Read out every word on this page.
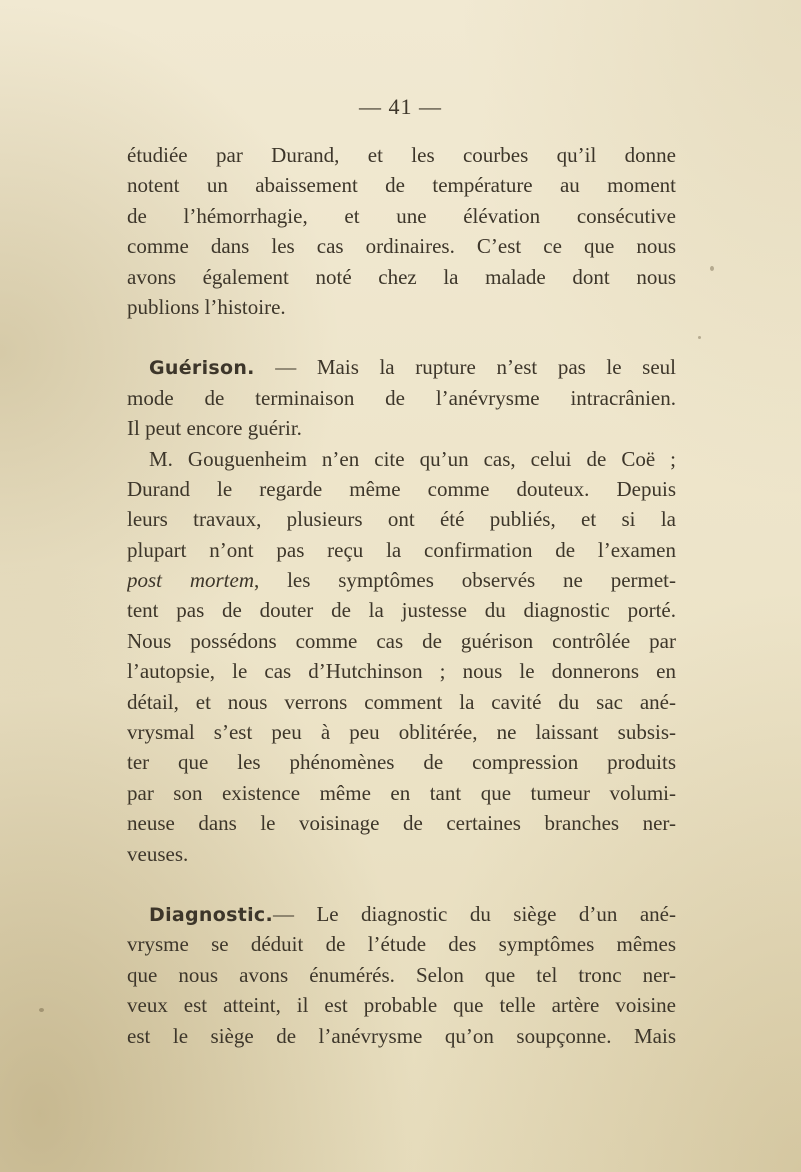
— 41 —
étudiée par Durand, et les courbes qu’il donne
notent un abaissement de température au moment
de l’hémorrhagie, et une élévation consécutive
comme dans les cas ordinaires. C’est ce que nous
avons également noté chez la malade dont nous
publions l’histoire.
Guérison. — Mais la rupture n’est pas le seul
mode de terminaison de l’anévrysme intracrânien.
Il peut encore guérir.
M. Gouguenheim n’en cite qu’un cas, celui de Coë ;
Durand le regarde même comme douteux. Depuis
leurs travaux, plusieurs ont été publiés, et si la
plupart n’ont pas reçu la confirmation de l’examen
post mortem, les symptômes observés ne permet-
tent pas de douter de la justesse du diagnostic porté.
Nous possédons comme cas de guérison contrôlée par
l’autopsie, le cas d’Hutchinson ; nous le donnerons en
détail, et nous verrons comment la cavité du sac ané-
vrysmal s’est peu à peu oblitérée, ne laissant subsis-
ter que les phénomènes de compression produits
par son existence même en tant que tumeur volumi-
neuse dans le voisinage de certaines branches ner-
veuses.
Diagnostic.— Le diagnostic du siège d’un ané-
vrysme se déduit de l’étude des symptômes mêmes
que nous avons énumérés. Selon que tel tronc ner-
veux est atteint, il est probable que telle artère voisine
est le siège de l’anévrysme qu’on soupçonne. Mais
